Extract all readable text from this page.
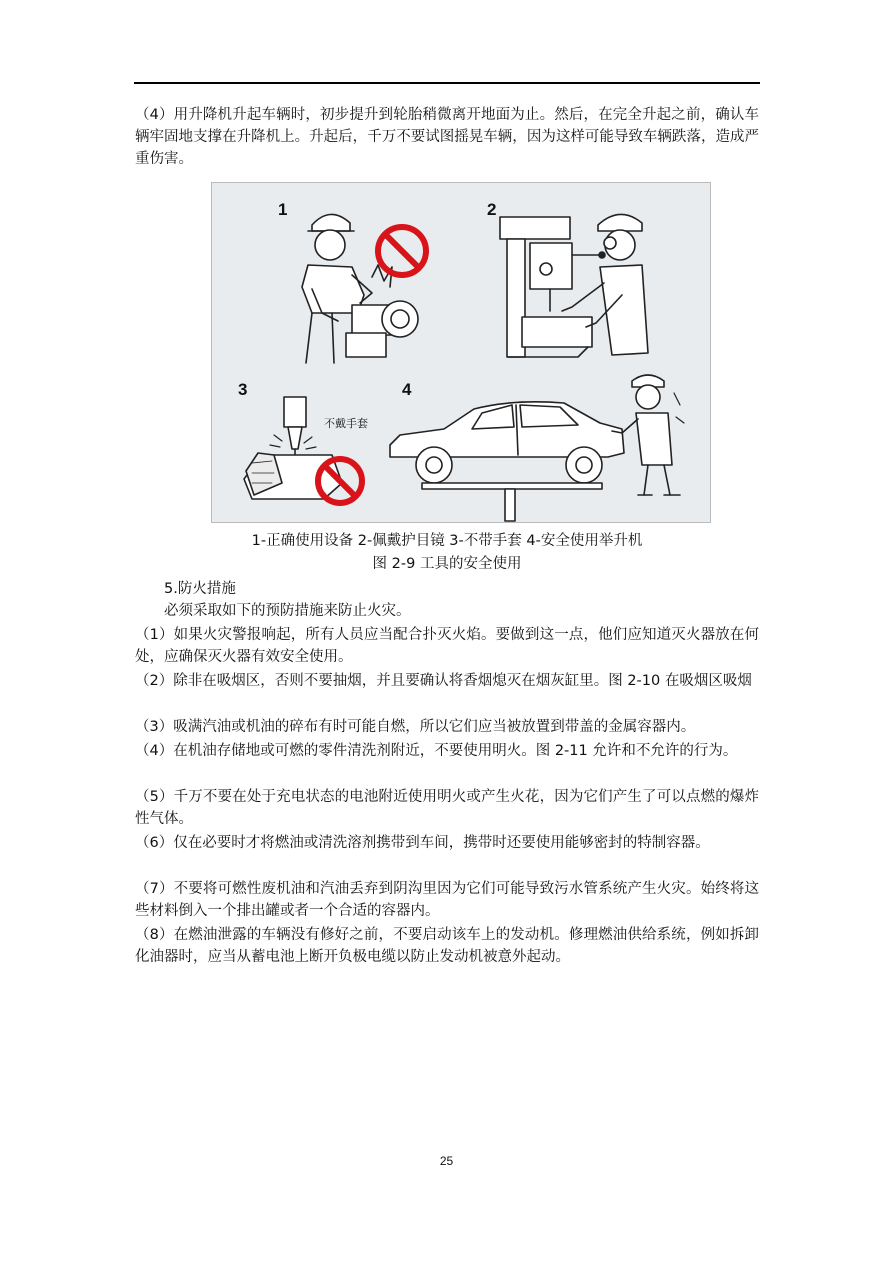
（4）用升降机升起车辆时，初步提升到轮胎稍微离开地面为止。然后，在完全升起之前，确认车辆牢固地支撑在升降机上。升起后，千万不要试图摇晃车辆，因为这样可能导致车辆跌落，造成严重伤害。

1	2
3	4
不戴手套
1-正确使用设备 2-佩戴护目镜 3-不带手套 4-安全使用举升机
图 2-9 工具的安全使用

5.防火措施

必须采取如下的预防措施来防止火灾。

（1）如果火灾警报响起，所有人员应当配合扑灭火焰。要做到这一点，他们应知道灭火器放在何处，应确保灭火器有效安全使用。

（2）除非在吸烟区，否则不要抽烟，并且要确认将香烟熄灭在烟灰缸里。图 2-10 在吸烟区吸烟

（3）吸满汽油或机油的碎布有时可能自燃，所以它们应当被放置到带盖的金属容器内。

（4）在机油存储地或可燃的零件清洗剂附近，不要使用明火。图 2-11 允许和不允许的行为。

（5）千万不要在处于充电状态的电池附近使用明火或产生火花，因为它们产生了可以点燃的爆炸性气体。

（6）仅在必要时才将燃油或清洗溶剂携带到车间，携带时还要使用能够密封的特制容器。

（7）不要将可燃性废机油和汽油丢弃到阴沟里因为它们可能导致污水管系统产生火灾。始终将这些材料倒入一个排出罐或者一个合适的容器内。

（8）在燃油泄露的车辆没有修好之前，不要启动该车上的发动机。修理燃油供给系统，例如拆卸化油器时，应当从蓄电池上断开负极电缆以防止发动机被意外起动。

25
